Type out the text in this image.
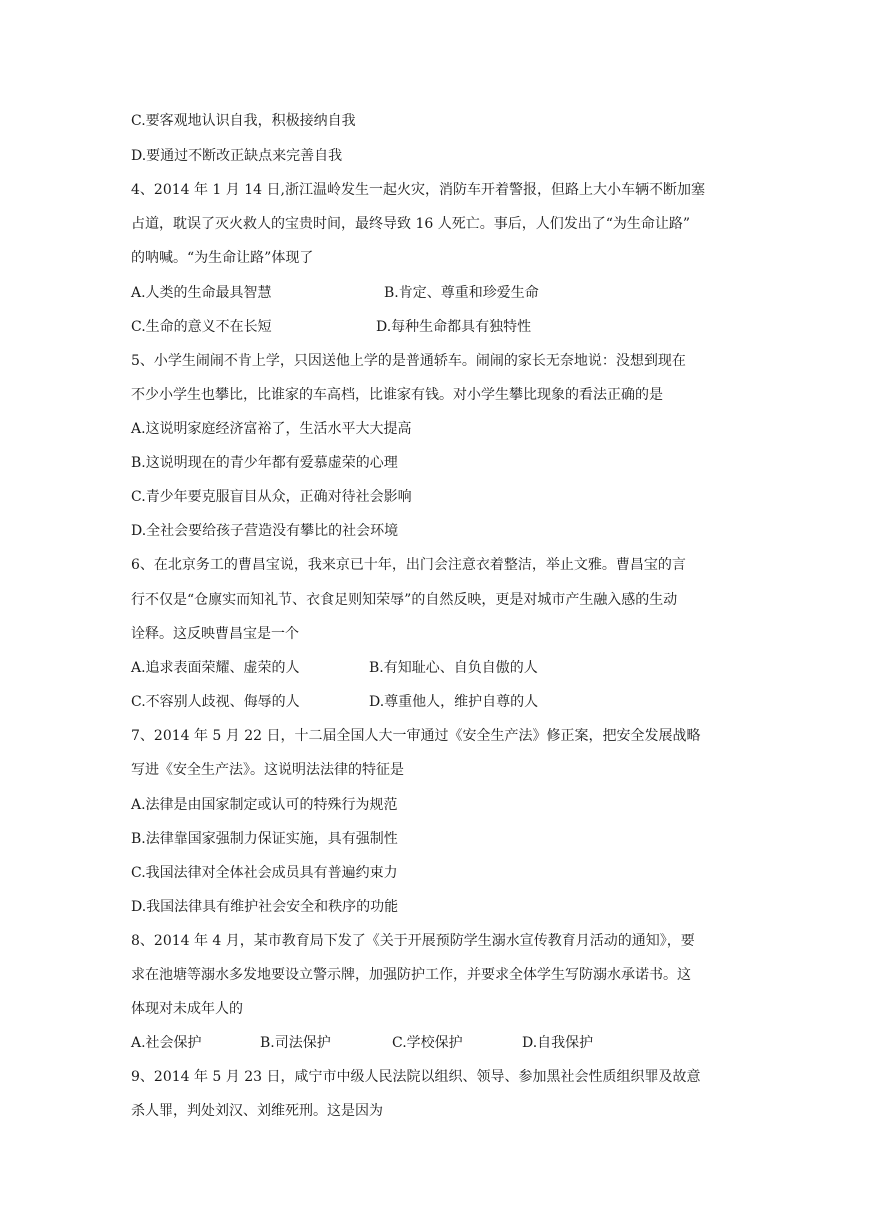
C.要客观地认识自我，积极接纳自我
D.要通过不断改正缺点来完善自我
4、2014 年 1 月 14 日,浙江温岭发生一起火灾，消防车开着警报，但路上大小车辆不断加塞
占道，耽误了灭火救人的宝贵时间，最终导致 16 人死亡。事后，人们发出了“为生命让路”
的呐喊。“为生命让路”体现了
A.人类的生命最具智慧	B.肯定、尊重和珍爱生命
C.生命的意义不在长短	D.每种生命都具有独特性
5、小学生闹闹不肯上学，只因送他上学的是普通轿车。闹闹的家长无奈地说：没想到现在
不少小学生也攀比，比谁家的车高档，比谁家有钱。对小学生攀比现象的看法正确的是
A.这说明家庭经济富裕了，生活水平大大提高
B.这说明现在的青少年都有爱慕虚荣的心理
C.青少年要克服盲目从众，正确对待社会影响
D.全社会要给孩子营造没有攀比的社会环境
6、在北京务工的曹昌宝说，我来京已十年，出门会注意衣着整洁，举止文雅。曹昌宝的言
行不仅是“仓廪实而知礼节、衣食足则知荣辱”的自然反映，更是对城市产生融入感的生动
诠释。这反映曹昌宝是一个
A.追求表面荣耀、虚荣的人	B.有知耻心、自负自傲的人
C.不容别人歧视、侮辱的人	D.尊重他人，维护自尊的人
7、2014 年 5 月 22 日，十二届全国人大一审通过《安全生产法》修正案，把安全发展战略
写进《安全生产法》。这说明法法律的特征是
A.法律是由国家制定或认可的特殊行为规范
B.法律靠国家强制力保证实施，具有强制性
C.我国法律对全体社会成员具有普遍约束力
D.我国法律具有维护社会安全和秩序的功能
8、2014 年 4 月，某市教育局下发了《关于开展预防学生溺水宣传教育月活动的通知》，要
求在池塘等溺水多发地要设立警示牌，加强防护工作，并要求全体学生写防溺水承诺书。这
体现对未成年人的
A.社会保护	B.司法保护	C.学校保护	D.自我保护
9、2014 年 5 月 23 日，咸宁市中级人民法院以组织、领导、参加黑社会性质组织罪及故意
杀人罪，判处刘汉、刘维死刑。这是因为
